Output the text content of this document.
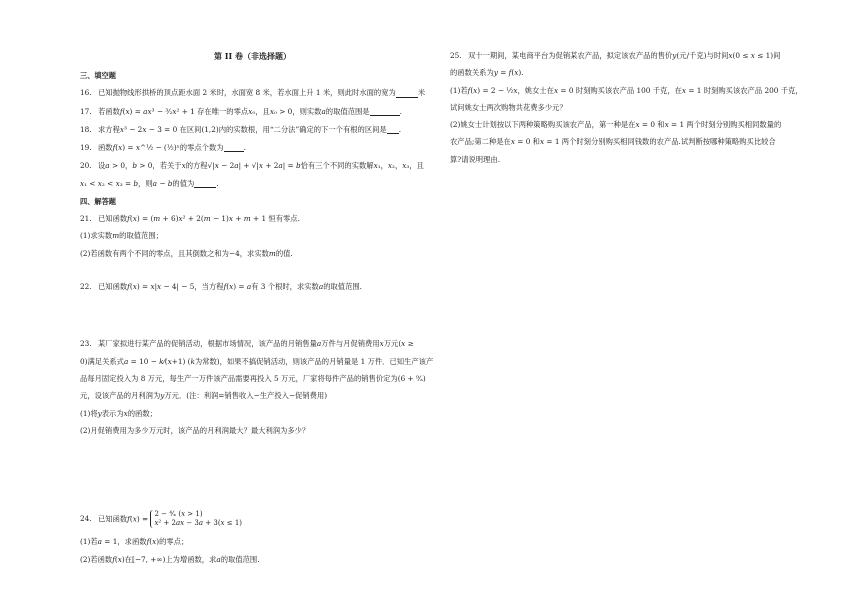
第 II 卷（非选择题）
三、填空题
16. 已知抛物线形拱桥的顶点距水面 2 米时，水面宽 8 米，若水面上升 1 米，则此时水面的宽为	米
17. 若函数𝑓(𝑥) = 𝑎𝑥³ − ³⁄₂𝑥² + 1 存在唯一的零点𝑥₀，且𝑥₀ > 0，则实数𝑎的取值范围是	.
18. 求方程𝑥³ − 2𝑥 − 3 = 0 在区间(1,2)内的实数根，用“二分法”确定的下一个有根的区间是 .
19. 函数𝑓(𝑥) = 𝑥^½ − (½)ˣ的零点个数为	.
20. 设𝑎 > 0，𝑏 > 0，若关于𝑥的方程√|𝑥 − 2𝑎| + √|𝑥 + 2𝑎| = 𝑏恰有三个不同的实数解𝑥₁，𝑥₂，𝑥₃，且
𝑥₁ < 𝑥₂ < 𝑥₃ = 𝑏，则𝑎 − 𝑏的值为	.
四、解答题
21. 已知函数𝑓(𝑥) = (𝑚 + 6)𝑥² + 2(𝑚 − 1)𝑥 + 𝑚 + 1 恒有零点.
(1)求实数𝑚的取值范围；
(2)若函数有两个不同的零点，且其倒数之和为−4，求实数𝑚的值.
22. 已知函数𝑓(𝑥) = 𝑥|𝑥 − 4| − 5，当方程𝑓(𝑥) = 𝑎有 3 个根时，求实数𝑎的取值范围.
23. 某厂家拟进行某产品的促销活动，根据市场情况，该产品的月销售量𝑎万件与月促销费用𝑥万元(𝑥 ≥
0)满足关系式𝑎 = 10 − 𝑘⁄(𝑥+1) (𝑘为常数)，如果不搞促销活动，则该产品的月销量是 1 万件．已知生产该产
品每月固定投入为 8 万元，每生产一万件该产品需要再投入 5 万元，厂家将每件产品的销售价定为(6 + ⁹⁄ₐ)
元，设该产品的月利润为𝑦万元．(注：利润=销售收入−生产投入−促销费用)
(1)将𝑦表示为𝑥的函数；
(2)月促销费用为多少万元时，该产品的月利润最大？最大利润为多少？
24. 已知函数𝑓(𝑥) = 2 − ⁴⁄ₓ (𝑥 > 1)
𝑥² + 2𝑎𝑥 − 3𝑎 + 3(𝑥 ≤ 1)
(1)若𝑎 = 1，求函数𝑓(𝑥)的零点；
(2)若函数𝑓(𝑥)在[−7, +∞)上为增函数，求𝑎的取值范围.
25. 双十一期间，某电商平台为促销某农产品，拟定该农产品的售价𝑦(元/千克)与时间𝑥(0 ≤ 𝑥 ≤ 1)间
的函数关系为𝑦 = 𝑓(𝑥).
(1)若𝑓(𝑥) = 2 − ½𝑥，姚女士在𝑥 = 0 时刻购买该农产品 100 千克，在𝑥 = 1 时刻购买该农产品 200 千克，
试问姚女士两次购物共花费多少元？
(2)姚女士计划按以下两种策略购买该农产品，第一种是在𝑥 = 0 和𝑥 = 1 两个时刻分别购买相同数量的
农产品;第二种是在𝑥 = 0 和𝑥 = 1 两个时刻分别购买相同钱数的农产品.试判断按哪种策略购买比较合
算?请说明理由.
